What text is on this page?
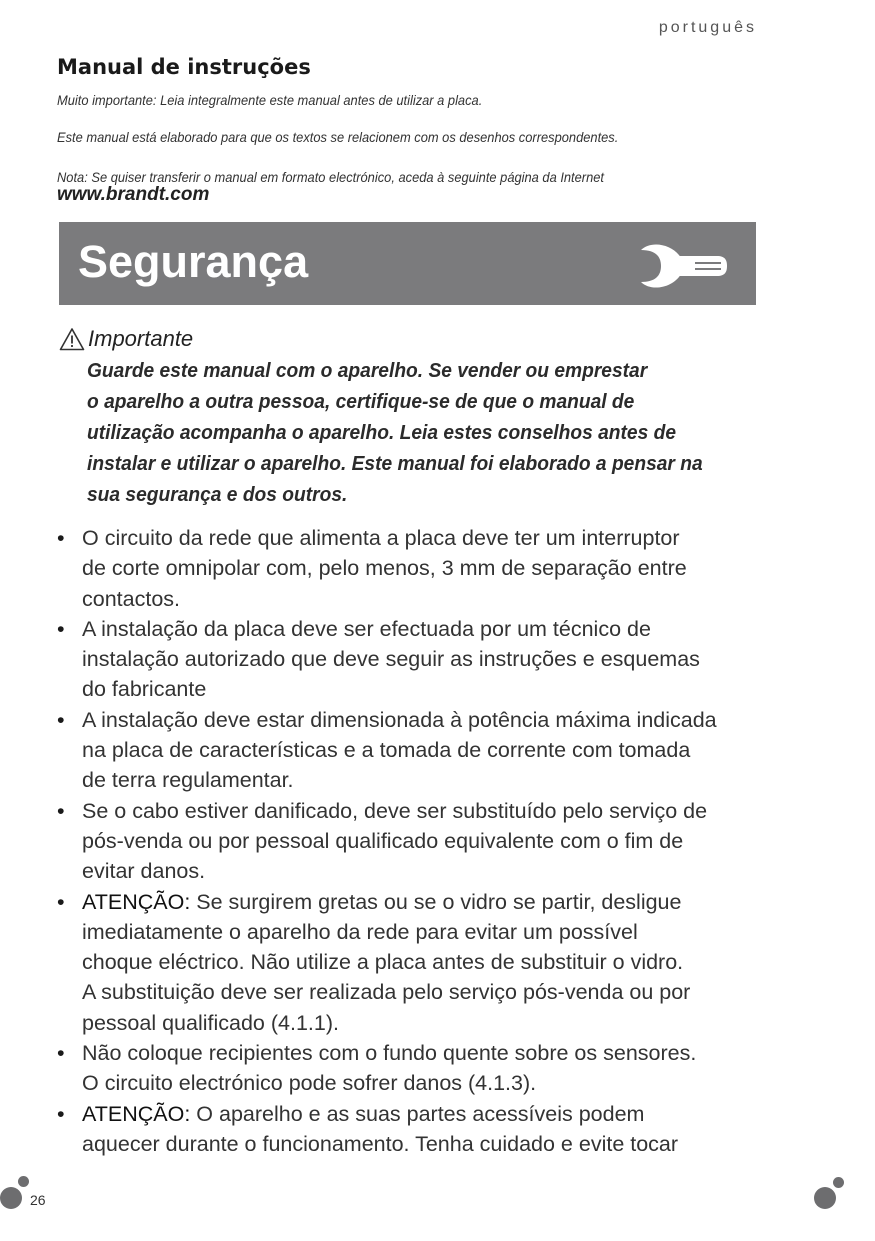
português
Manual de instruções

Muito importante: Leia integralmente este manual antes de utilizar a placa.

Este manual está elaborado para que os textos se relacionem com os desenhos correspondentes.

Nota: Se quiser transferir o manual em formato electrónico, aceda à seguinte página da Internet

www.brandt.com

Segurança
Importante
Guarde este manual com o aparelho. Se vender ou emprestar
o aparelho a outra pessoa, certifique-se de que o manual de
utilização acompanha o aparelho. Leia estes conselhos antes de
instalar e utilizar o aparelho. Este manual foi elaborado a pensar na
sua segurança e dos outros.
• O circuito da rede que alimenta a placa deve ter um interruptor
de corte omnipolar com, pelo menos, 3 mm de separação entre
contactos.
• A instalação da placa deve ser efectuada por um técnico de
instalação autorizado que deve seguir as instruções e esquemas
do fabricante
• A instalação deve estar dimensionada à potência máxima indicada
na placa de características e a tomada de corrente com tomada
de terra regulamentar.
• Se o cabo estiver danificado, deve ser substituído pelo serviço de
pós-venda ou por pessoal qualificado equivalente com o fim de
evitar danos.
• ATENÇÃO: Se surgirem gretas ou se o vidro se partir, desligue
imediatamente o aparelho da rede para evitar um possível
choque eléctrico. Não utilize a placa antes de substituir o vidro.
A substituição deve ser realizada pelo serviço pós-venda ou por
pessoal qualificado (4.1.1).
• Não coloque recipientes com o fundo quente sobre os sensores.
O circuito electrónico pode sofrer danos (4.1.3).
• ATENÇÃO: O aparelho e as suas partes acessíveis podem
aquecer durante o funcionamento. Tenha cuidado e evite tocar
26
